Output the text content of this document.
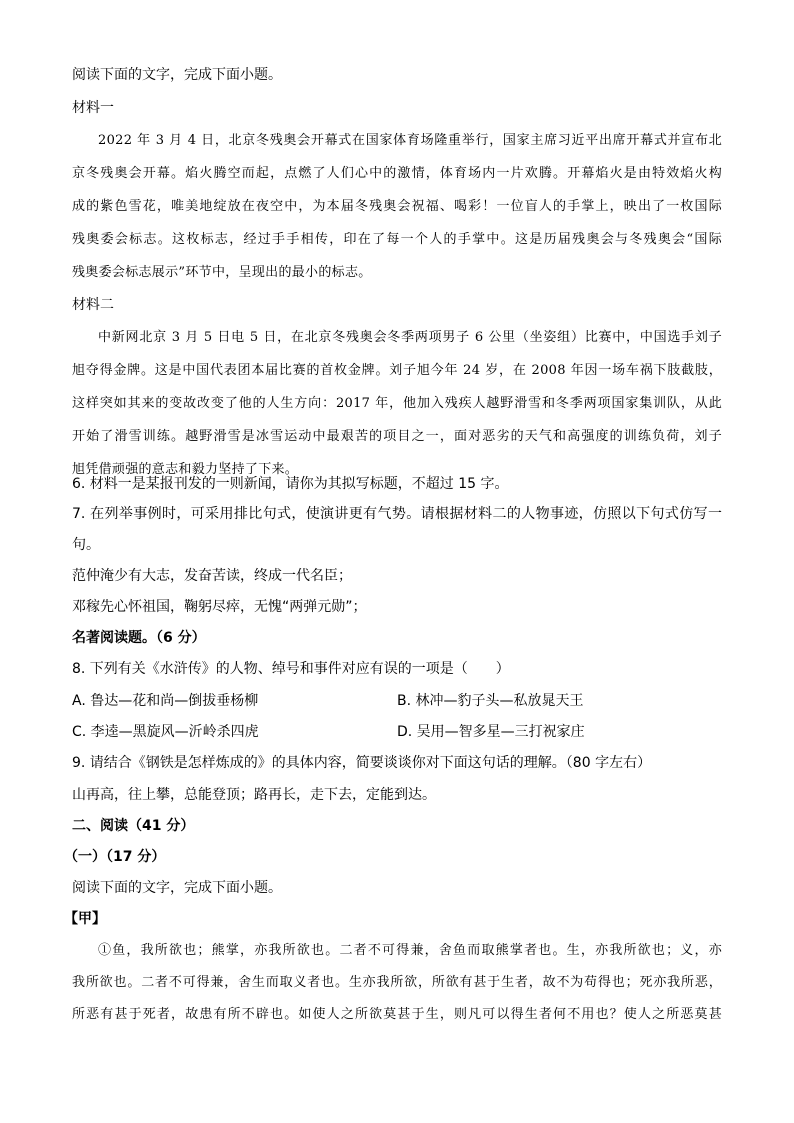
阅读下面的文字，完成下面小题。
材料一
2022 年 3 月 4 日，北京冬残奥会开幕式在国家体育场隆重举行，国家主席习近平出席开幕式并宣布北
京冬残奥会开幕。焰火腾空而起，点燃了人们心中的激情，体育场内一片欢腾。开幕焰火是由特效焰火构
成的紫色雪花，唯美地绽放在夜空中，为本届冬残奥会祝福、喝彩！一位盲人的手掌上，映出了一枚国际
残奥委会标志。这枚标志，经过手手相传，印在了每一个人的手掌中。这是历届残奥会与冬残奥会“国际
残奥委会标志展示”环节中，呈现出的最小的标志。
材料二
中新网北京 3 月 5 日电 5 日，在北京冬残奥会冬季两项男子 6 公里（坐姿组）比赛中，中国选手刘子
旭夺得金牌。这是中国代表团本届比赛的首枚金牌。刘子旭今年 24 岁，在 2008 年因一场车祸下肢截肢，
这样突如其来的变故改变了他的人生方向：2017 年，他加入残疾人越野滑雪和冬季两项国家集训队，从此
开始了滑雪训练。越野滑雪是冰雪运动中最艰苦的项目之一，面对恶劣的天气和高强度的训练负荷，刘子
旭凭借顽强的意志和毅力坚持了下来。
6. 材料一是某报刊发的一则新闻，请你为其拟写标题，不超过 15 字。
7. 在列举事例时，可采用排比句式，使演讲更有气势。请根据材料二的人物事迹，仿照以下句式仿写一
句。
范仲淹少有大志，发奋苦读，终成一代名臣；
邓稼先心怀祖国，鞠躬尽瘁，无愧“两弹元勋”；
名著阅读题。（6 分）
8. 下列有关《水浒传》的人物、绰号和事件对应有误的一项是（　　）
A. 鲁达—花和尚—倒拔垂杨柳	B. 林冲—豹子头—私放晁天王
C. 李逵—黑旋风—沂岭杀四虎	D. 吴用—智多星—三打祝家庄
9. 请结合《钢铁是怎样炼成的》的具体内容，简要谈谈你对下面这句话的理解。（80 字左右）
山再高，往上攀，总能登顶；路再长，走下去，定能到达。
二、阅读（41 分）
（一）（17 分）
阅读下面的文字，完成下面小题。
【甲】
①鱼，我所欲也；熊掌，亦我所欲也。二者不可得兼，舍鱼而取熊掌者也。生，亦我所欲也；义，亦
我所欲也。二者不可得兼，舍生而取义者也。生亦我所欲，所欲有甚于生者，故不为苟得也；死亦我所恶，
所恶有甚于死者，故患有所不辟也。如使人之所欲莫甚于生，则凡可以得生者何不用也？使人之所恶莫甚
